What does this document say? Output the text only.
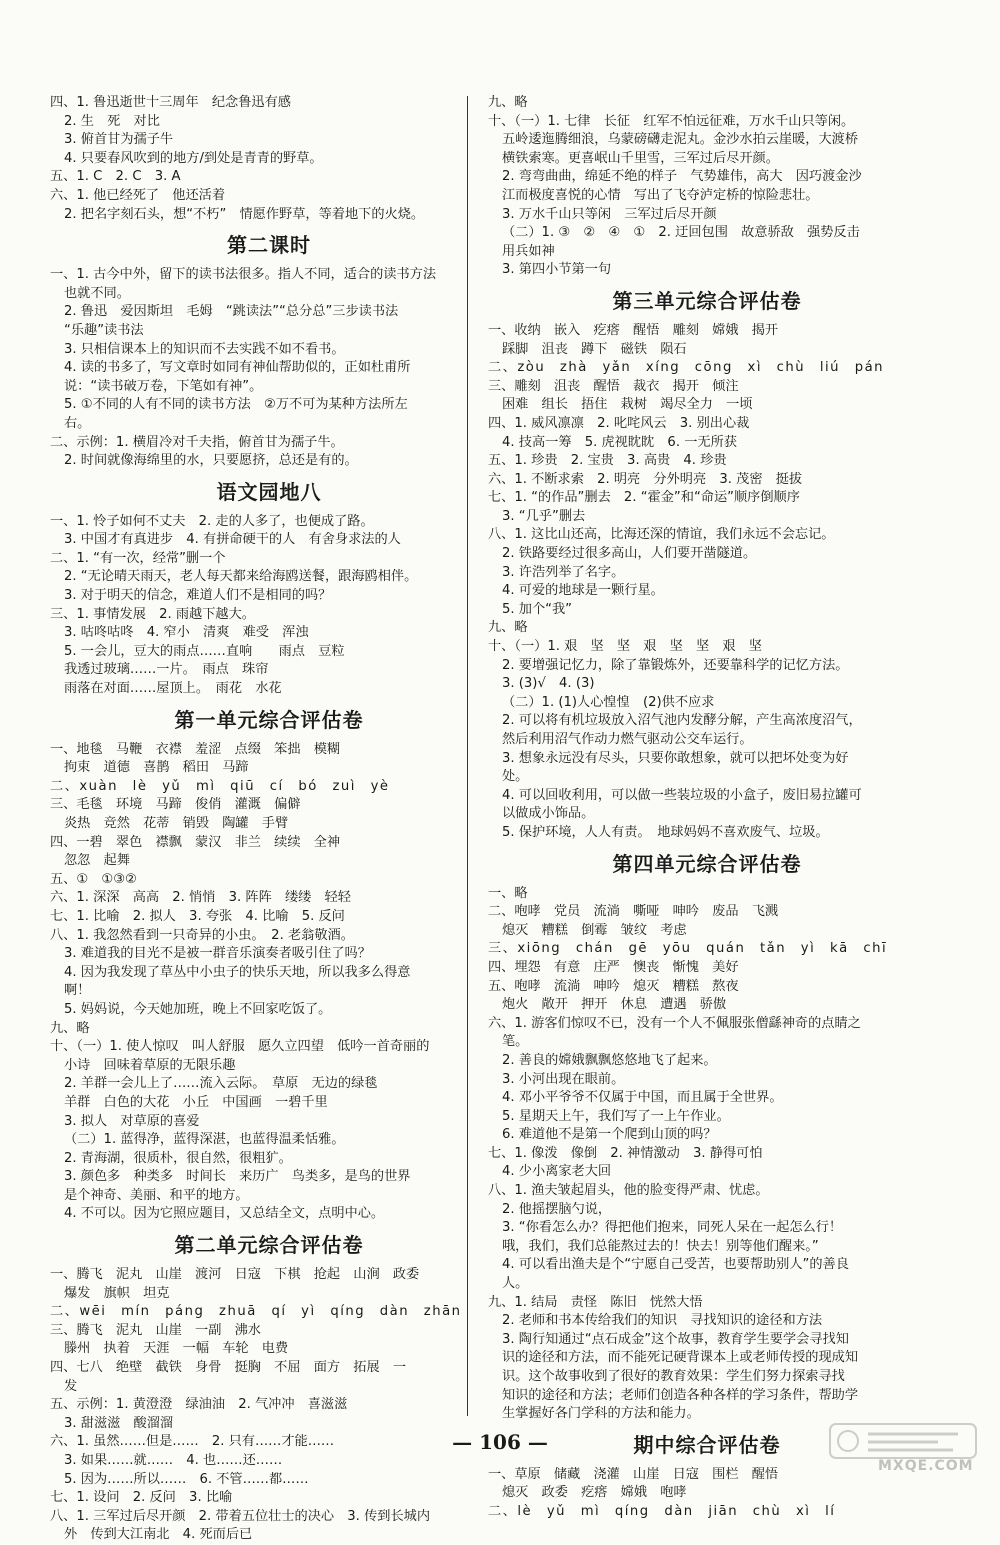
四、1. 鲁迅逝世十三周年　纪念鲁迅有感
2. 生　死　对比
3. 俯首甘为孺子牛
4. 只要春风吹到的地方/到处是青青的野草。
五、1. C　2. C　3. A
六、1. 他已经死了　他还活着
2. 把名字刻石头，想“不朽”　情愿作野草，等着地下的火烧。
第二课时
一、1. 古今中外，留下的读书法很多。指人不同，适合的读书方法
也就不同。
2. 鲁迅　爱因斯坦　毛姆　“跳读法”“总分总”三步读书法
“乐趣”读书法
3. 只相信课本上的知识而不去实践不如不看书。
4. 读的书多了，写文章时如同有神仙帮助似的，正如杜甫所
说：“读书破万卷，下笔如有神”。
5. ①不同的人有不同的读书方法　②万不可为某种方法所左
右。
二、示例：1. 横眉冷对千夫指，俯首甘为孺子牛。
2. 时间就像海绵里的水，只要愿挤，总还是有的。
语文园地八
一、1. 怜子如何不丈夫　2. 走的人多了，也便成了路。
3. 中国才有真进步　4. 有拼命硬干的人　有舍身求法的人
二、1. “有一次，经常”删一个
2. “无论晴天雨天，老人每天都来给海鸥送餐，跟海鸥相伴。
3. 对于明天的信念，难道人们不是相同的吗？
三、1. 事情发展　2. 雨越下越大。
3. 咕咚咕咚　4. 窄小　清爽　难受　浑浊
5. 一会儿，豆大的雨点……直响　　雨点　豆粒
我透过玻璃……一片。　雨点　珠帘
雨落在对面……屋顶上。　雨花　水花
第一单元综合评估卷
一、地毯　马鞭　衣襟　羞涩　点缀　笨拙　模糊
拘束　道德　喜鹊　稻田　马蹄
二、xuàn　lè　yǔ　mì　qiū　cí　bó　zuì　yè
三、毛毯　环境　马蹄　俊俏　灌溉　偏僻
炎热　竞然　花蒂　销毁　陶罐　手臂
四、一碧　翠色　襟飘　蒙汉　非兰　续续　全神
忽忽　起舞
五、①　①③②
六、1. 深深　高高　2. 悄悄　3. 阵阵　缕缕　轻轻
七、1. 比喻　2. 拟人　3. 夸张　4. 比喻　5. 反问
八、1. 我忽然看到一只奇异的小虫。　2. 老翁敬酒。
3. 难道我的目光不是被一群音乐演奏者吸引住了吗？
4. 因为我发现了草丛中小虫子的快乐天地，所以我多么得意
啊！
5. 妈妈说，今天她加班，晚上不回家吃饭了。
九、略
十、（一）1. 使人惊叹　叫人舒服　愿久立四望　低吟一首奇丽的
小诗　回味着草原的无限乐趣
2. 羊群一会儿上了……流入云际。　草原　无边的绿毯
羊群　白色的大花　小丘　中国画　一碧千里
3. 拟人　对草原的喜爱
（二）1. 蓝得净，蓝得深湛，也蓝得温柔恬雅。
2. 青海湖，很质朴，很自然，很粗犷。
3. 颜色多　种类多　时间长　来历广　鸟类多，是鸟的世界
是个神奇、美丽、和平的地方。
4. 不可以。因为它照应题目，又总结全文，点明中心。
第二单元综合评估卷
一、腾飞　泥丸　山崖　渡河　日寇　下棋　抢起　山涧　政委
爆发　旗帜　坦克
二、wēi　mín　páng　zhuā　qí　yì　qíng　dàn　zhān
三、腾飞　泥丸　山崖　一副　沸水
滕州　执着　天涯　一幅　车轮　电费
四、七八　绝壁　截铁　身骨　挺胸　不屈　面方　拓展　一
发
五、示例：1. 黄澄澄　绿油油　2. 气冲冲　喜滋滋
3. 甜滋滋　酸溜溜
六、1. 虽然……但是……　2. 只有……才能……
3. 如果……就……　4. 也……还……
5. 因为……所以……　6. 不管……都……
七、1. 设问　2. 反问　3. 比喻
八、1. 三军过后尽开颜　2. 带着五位壮士的决心　3. 传到长城内
外　传到大江南北　4. 死而后已
九、略
十、（一）1. 七律　长征　红军不怕远征难，万水千山只等闲。
五岭逶迤腾细浪，乌蒙磅礴走泥丸。金沙水拍云崖暖，大渡桥
横铁索寒。更喜岷山千里雪，三军过后尽开颜。
2. 弯弯曲曲，绵延不绝的样子　气势雄伟，高大　因巧渡金沙
江而极度喜悦的心情　写出了飞夺泸定桥的惊险悲壮。
3. 万水千山只等闲　三军过后尽开颜
（二）1. ③　②　④　①　2. 迂回包围　故意骄敌　强势反击
用兵如神
3. 第四小节第一句
第三单元综合评估卷
一、收纳　嵌入　疙瘩　醒悟　雕刻　嫦娥　揭开
踩脚　沮丧　蹲下　磁铁　陨石
二、zòu　zhà　yǎn　xíng　cōng　xì　chù　liú　pán
三、雕刻　沮丧　醒悟　裁衣　揭开　倾注
困难　组长　捂住　栽树　竭尽全力　一顷
四、1. 威风凛凛　2. 叱咤风云　3. 别出心裁
4. 技高一筹　5. 虎视眈眈　6. 一无所获
五、1. 珍贵　2. 宝贵　3. 高贵　4. 珍贵
六、1. 不断求索　2. 明亮　分外明亮　3. 茂密　挺拔
七、1. “的作品”删去　2. “霍金”和“命运”顺序倒顺序
3. “几乎”删去
八、1. 这比山还高，比海还深的情谊，我们永远不会忘记。
2. 铁路要经过很多高山，人们要开凿隧道。
3. 许浩列举了名字。
4. 可爱的地球是一颗行星。
5. 加个“我”
九、略
十、（一）1. 艰　坚　坚　艰　坚　坚　艰　坚
2. 要增强记忆力，除了靠锻炼外，还要靠科学的记忆方法。
3. (3)√　4. (3)
（二）1. (1)人心惶惶　(2)供不应求
2. 可以将有机垃圾放入沼气池内发酵分解，产生高浓度沼气，
然后利用沼气作动力燃气驱动公交车运行。
3. 想象永远没有尽头，只要你敢想象，就可以把坏处变为好
处。
4. 可以回收利用，可以做一些装垃圾的小盒子，废旧易拉罐可
以做成小饰品。
5. 保护环境，人人有责。　地球妈妈不喜欢废气、垃圾。
第四单元综合评估卷
一、略
二、咆哮　党员　流淌　嘶哑　呻吟　废品　飞溅
熄灭　糟糕　倒霉　皱纹　考虑
三、xiōng　chán　gē　yōu　quán　tǎn　yì　kā　chī
四、埋怨　有意　庄严　懊丧　惭愧　美好
五、咆哮　流淌　呻吟　熄灭　糟糕　熬夜
炮火　敞开　押开　休息　遭遇　骄傲
六、1. 游客们惊叹不已，没有一个人不佩服张僧繇神奇的点睛之
笔。
2. 善良的嫦娥飘飘悠悠地飞了起来。
3. 小河出现在眼前。
4. 邓小平爷爷不仅属于中国，而且属于全世界。
5. 星期天上午，我们写了一上午作业。
6. 难道他不是第一个爬到山顶的吗？
七、1. 像泼　像倒　2. 神情激动　3. 静得可怕
4. 少小离家老大回
八、1. 渔夫皱起眉头，他的脸变得严肃、忧虑。
2. 他摇摆脑勺说，
3. “你看怎么办？得把他们抱来，同死人呆在一起怎么行！
哦，我们，我们总能熬过去的！快去！别等他们醒来。”
4. 可以看出渔夫是个“宁愿自己受苦，也要帮助别人”的善良
人。
九、1. 结局　责怪　陈旧　恍然大悟
2. 老师和书本传给我们的知识　寻找知识的途径和方法
3. 陶行知通过“点石成金”这个故事，教育学生要学会寻找知
识的途径和方法，而不能死记硬背课本上或老师传授的现成知
识。这个故事收到了很好的教育效果：学生们努力探索寻找
知识的途径和方法；老师们创造各种各样的学习条件，帮助学
生掌握好各门学科的方法和能力。
期中综合评估卷
一、草原　储藏　浇灌　山崖　日寇　围栏　醒悟
熄灭　政委　疙瘩　嫦娥　咆哮
二、lè　yǔ　mì　qíng　dàn　jiān　chù　xì　lí
— 106 —
MXQE.COM
